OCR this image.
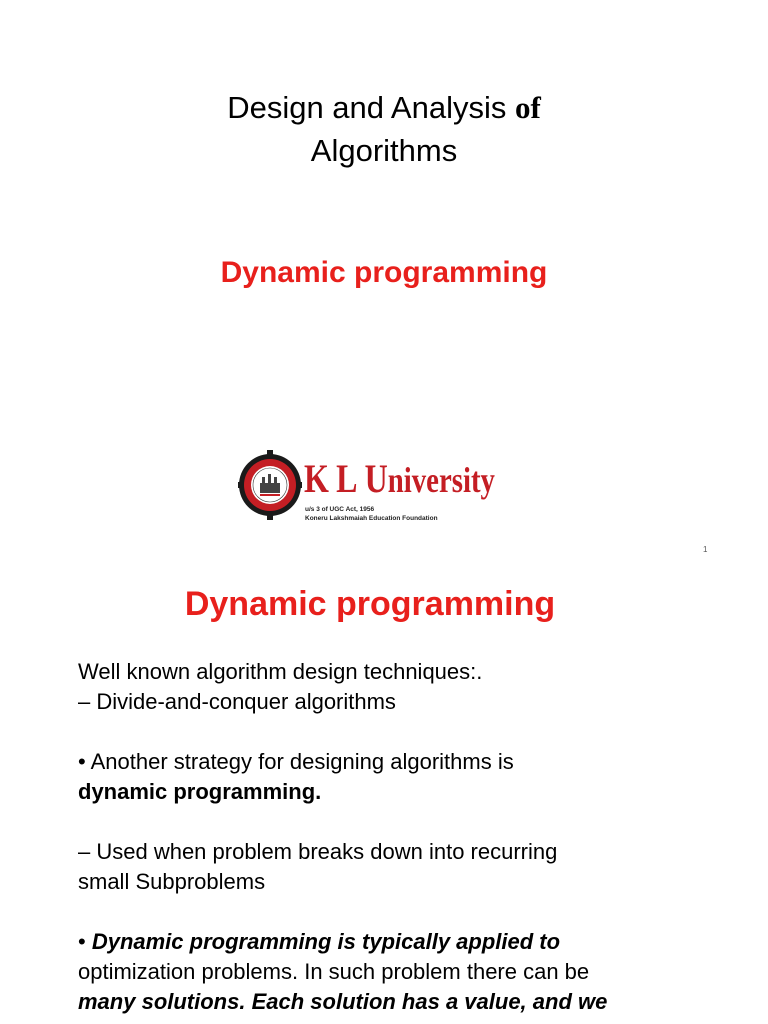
Design and Analysis of
Algorithms
Dynamic programming
K L University
u/s 3 of UGC Act, 1956
Koneru Lakshmaiah Education Foundation
1
Dynamic programming

Well known algorithm design techniques:.

– Divide-and-conquer algorithms

• Another strategy for designing algorithms is

dynamic programming.

– Used when problem breaks down into recurring

small Subproblems

• Dynamic programming is typically applied to

optimization problems. In such problem there can be

many solutions. Each solution has a value, and we
